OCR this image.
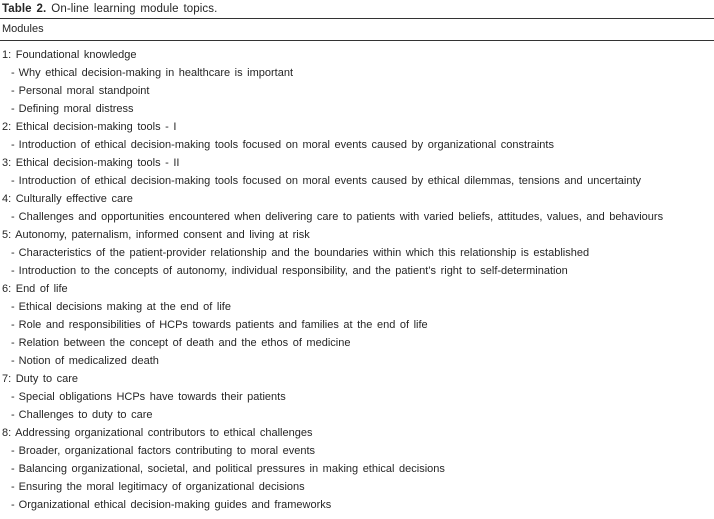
Table 2. On-line learning module topics.
Modules
1: Foundational knowledge
- Why ethical decision-making in healthcare is important
- Personal moral standpoint
- Defining moral distress
2: Ethical decision-making tools - I
- Introduction of ethical decision-making tools focused on moral events caused by organizational constraints
3: Ethical decision-making tools - II
- Introduction of ethical decision-making tools focused on moral events caused by ethical dilemmas, tensions and uncertainty
4: Culturally effective care
- Challenges and opportunities encountered when delivering care to patients with varied beliefs, attitudes, values, and behaviours
5: Autonomy, paternalism, informed consent and living at risk
- Characteristics of the patient-provider relationship and the boundaries within which this relationship is established
- Introduction to the concepts of autonomy, individual responsibility, and the patient’s right to self-determination
6: End of life
- Ethical decisions making at the end of life
- Role and responsibilities of HCPs towards patients and families at the end of life
- Relation between the concept of death and the ethos of medicine
- Notion of medicalized death
7: Duty to care
- Special obligations HCPs have towards their patients
- Challenges to duty to care
8: Addressing organizational contributors to ethical challenges
- Broader, organizational factors contributing to moral events
- Balancing organizational, societal, and political pressures in making ethical decisions
- Ensuring the moral legitimacy of organizational decisions
- Organizational ethical decision-making guides and frameworks
